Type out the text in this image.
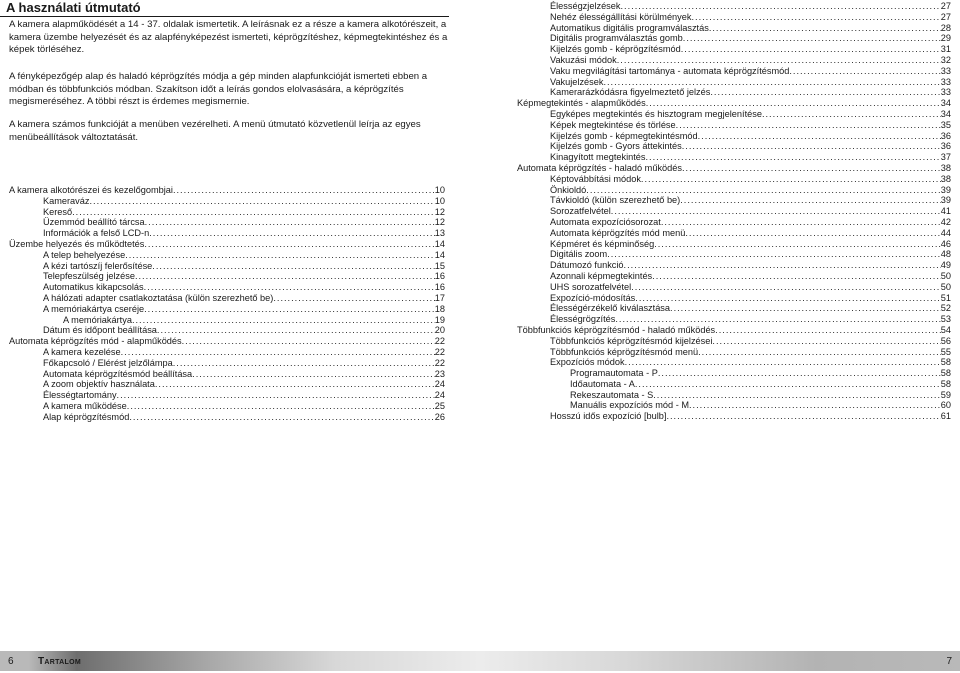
A használati útmutató

A kamera alapműködését a 14 - 37. oldalak ismertetik. A leírásnak ez a része a kamera alkotórészeit, a kamera üzembe helyezését és az alapfényképezést ismerteti, képrögzítéshez, képmegtekintéshez és a képek törléséhez.

A fényképezőgép alap és haladó képrögzítés módja a gép minden alapfunkcióját ismerteti ebben a módban és többfunkciós módban. Szakítson időt a leírás gondos elolvasására, a képrögzítés megismeréséhez. A többi részt is érdemes megismernie.

A kamera számos funkcióját a menüben vezérelheti. A menü útmutató közvetlenül leírja az egyes menübeállítások változtatását.

A kamera alkotórészei és kezelőgombjai .....	10
Kameraváz .....	10
Kereső .....	12
Üzemmód beállító tárcsa .....	12
Információk a felső LCD-n .....	13
Üzembe helyezés és működtetés .....	14
A telep behelyezése .....	14
A kézi tartószíj felerősítése .....	15
Telepfeszülség jelzése .....	16
Automatikus kikapcsolás .....	16
A hálózati adapter csatlakoztatása (külön szerezhető be) .....	17
A memóriakártya cseréje .....	18
A memóriakártya .....	19
Dátum és időpont beállítása .....	20
Automata képrögzítés mód - alapműködés .....	22
A kamera kezelése .....	22
Főkapcsoló / Elérést jelzőlámpa .....	22
Automata képrögzítésmód beállítása .....	23
A zoom objektív használata .....	24
Élességtartomány .....	24
A kamera működése .....	25
Alap képrögzítésmód .....	26
Élességzjelzések .....	27
Nehéz élességállítási körülmények .....	27
Automatikus digitális programválasztás .....	28
Digitális programválasztás gomb .....	29
Kijelzés gomb - képrögzítésmód .....	31
Vakuzási módok .....	32
Vaku megvilágítási tartománya - automata képrögzítésmód .....	33
Vakujelzések .....	33
Kamerarázkódásra figyelmeztető jelzés .....	33
Képmegtekintés - alapműködés .....	34
Egyképes megtekintés és hisztogram megjelenítése .....	34
Képek megtekintése és törlése .....	35
Kijelzés gomb - képmegtekintésmód .....	36
Kijelzés gomb - Gyors áttekintés .....	36
Kinagyított megtekintés .....	37
Automata képrögzítés - haladó működés .....	38
Képtovábbítási módok .....	38
Önkioldó .....	39
Távkioldó (külön szerezhető be) .....	39
Sorozatfelvétel .....	41
Automata expozíciósorozat .....	42
Automata képrögzítés mód menü .....	44
Képméret és képminőség .....	46
Digitális zoom .....	48
Dátumozó funkció .....	49
Azonnali képmegtekintés .....	50
UHS sorozatfelvétel .....	50
Expozíció-módosítás .....	51
Élességérzékelő kiválasztása .....	52
Élességrögzítés .....	53
Többfunkciós képrögzítésmód - haladó működés .....	54
Többfunkciós képrögzítésmód kijelzései .....	56
Többfunkciós képrögzítésmód menü .....	55
Expozíciós módok .....	58
Programautomata - P .....	58
Időautomata - A .....	58
Rekeszautomata - S .....	59
Manuális expozíciós mód - M .....	60
Hosszú idős expozíció [bulb] .....	61
6 Tartalom	7
